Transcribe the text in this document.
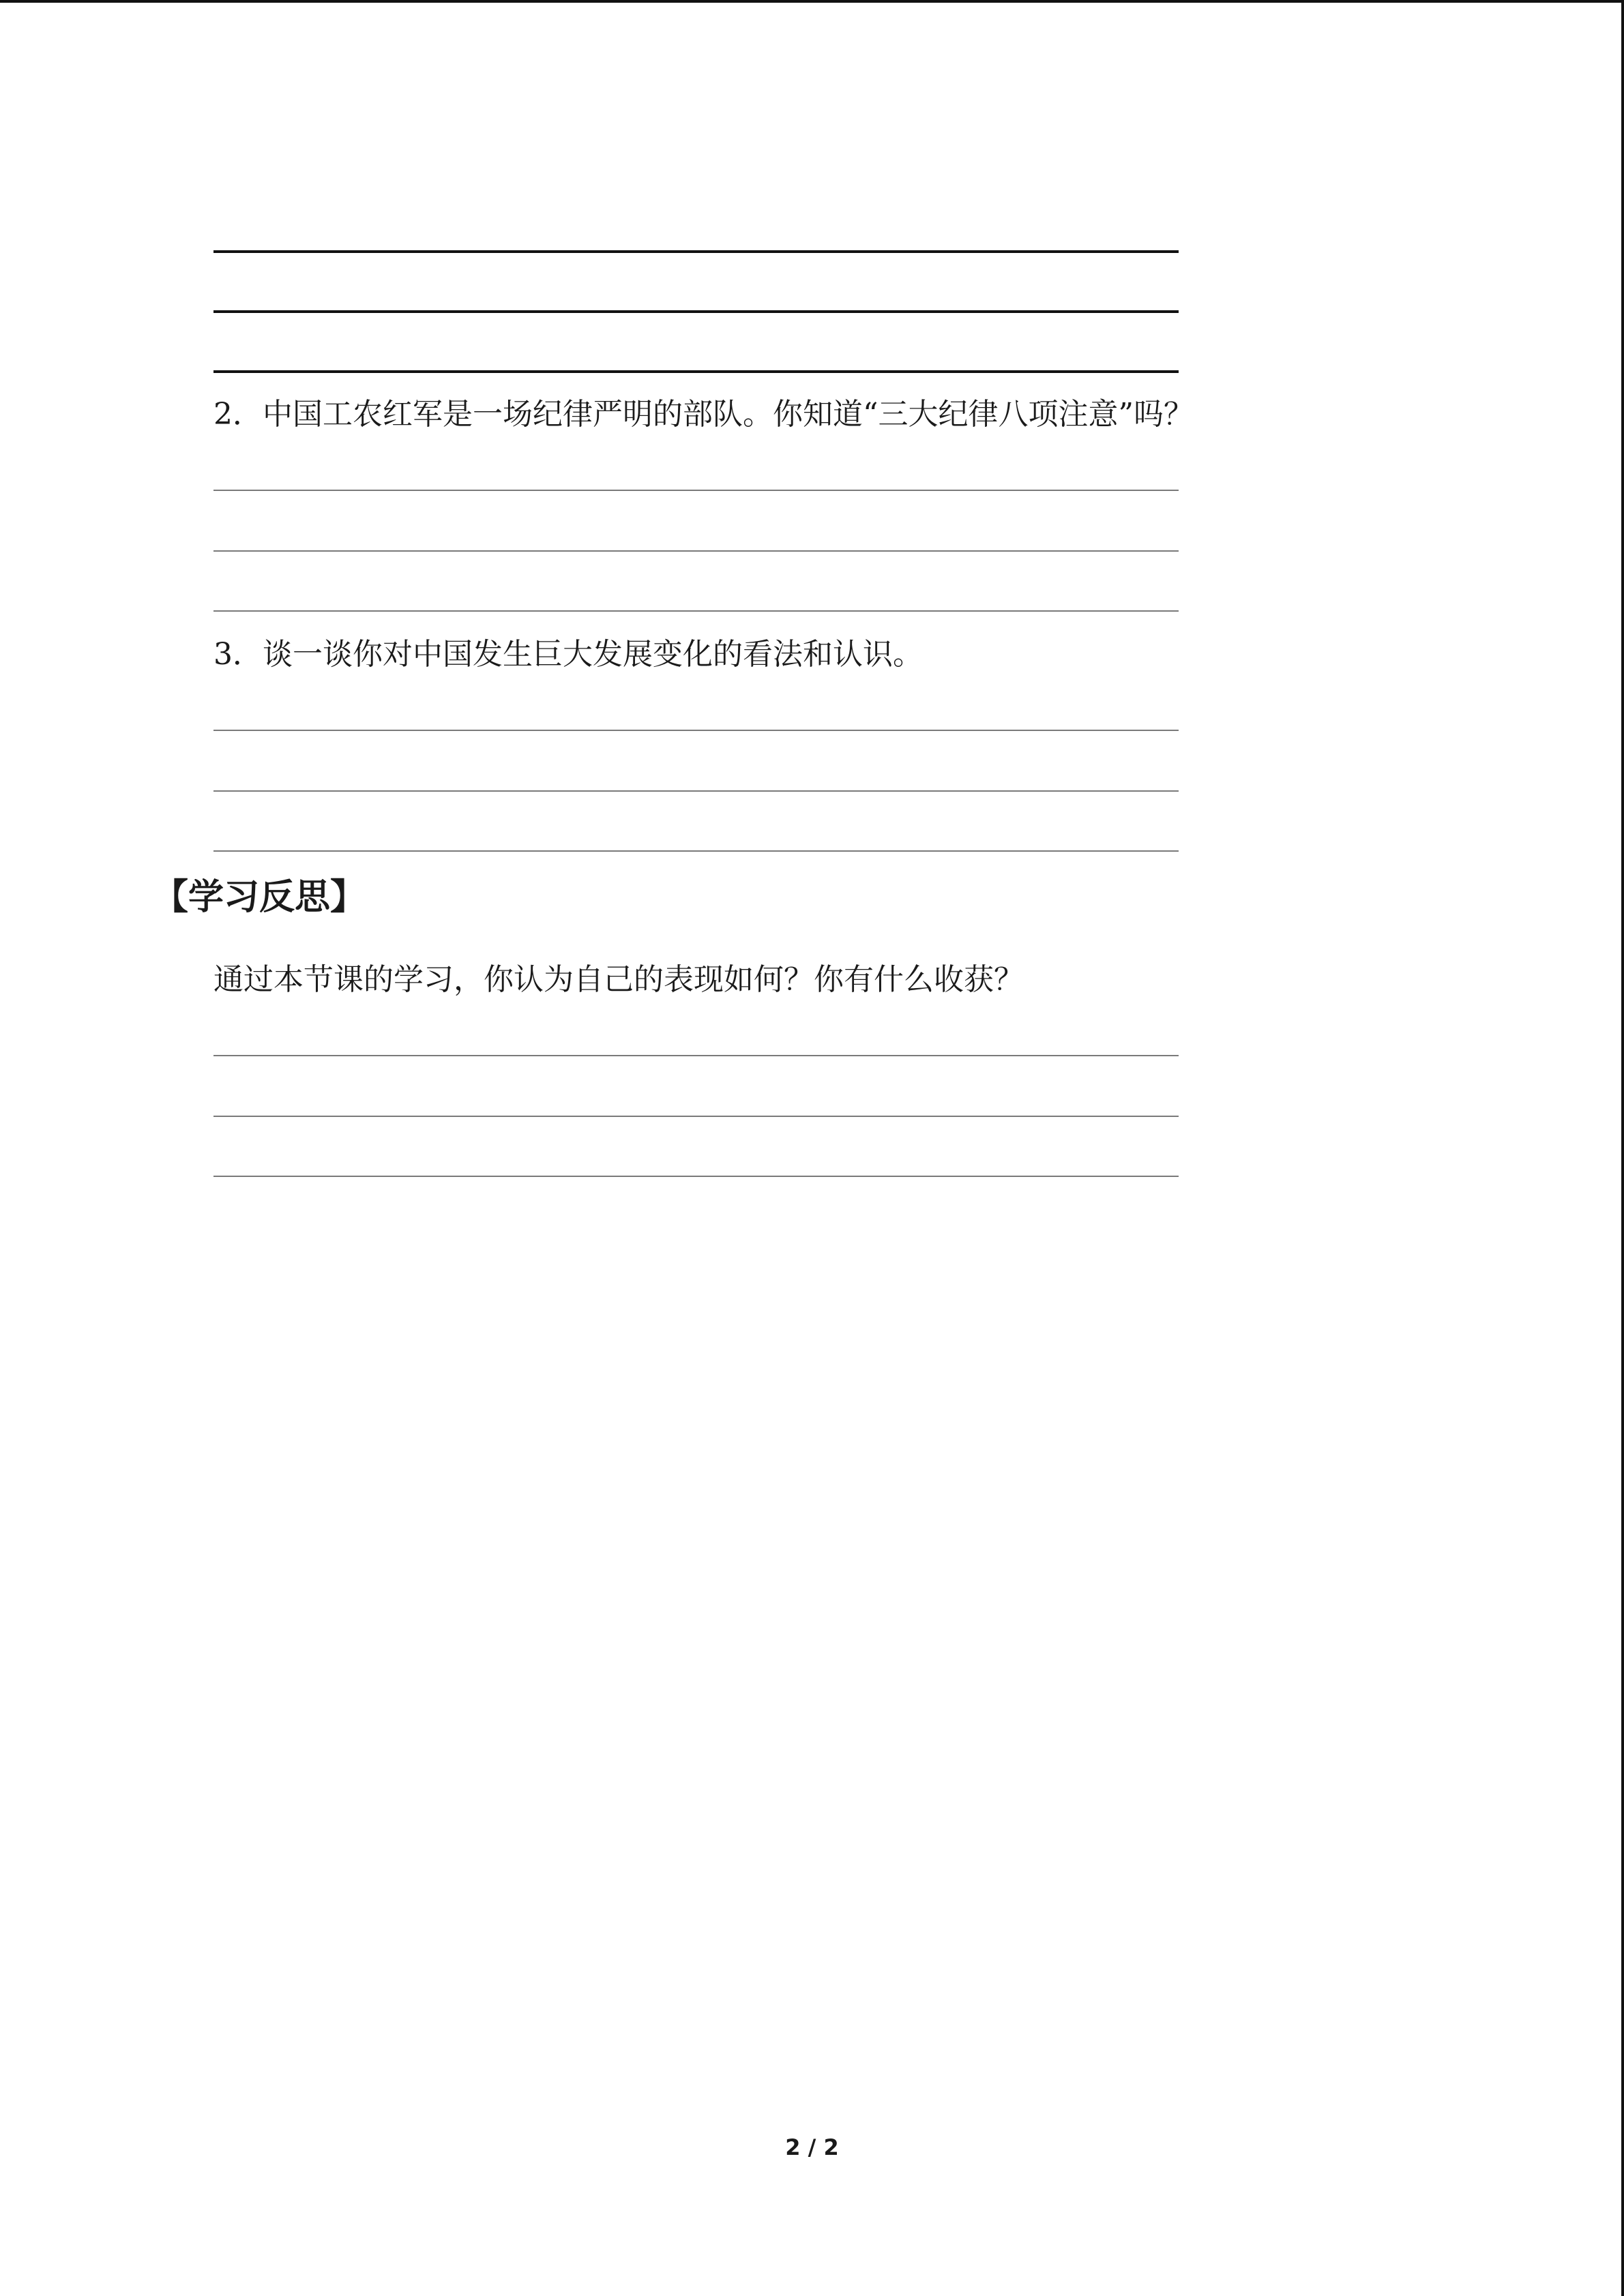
2．中国工农红军是一场纪律严明的部队。你知道“三大纪律八项注意”吗？
3．谈一谈你对中国发生巨大发展变化的看法和认识。
【学习反思】
通过本节课的学习，你认为自己的表现如何？你有什么收获？
2 / 2
